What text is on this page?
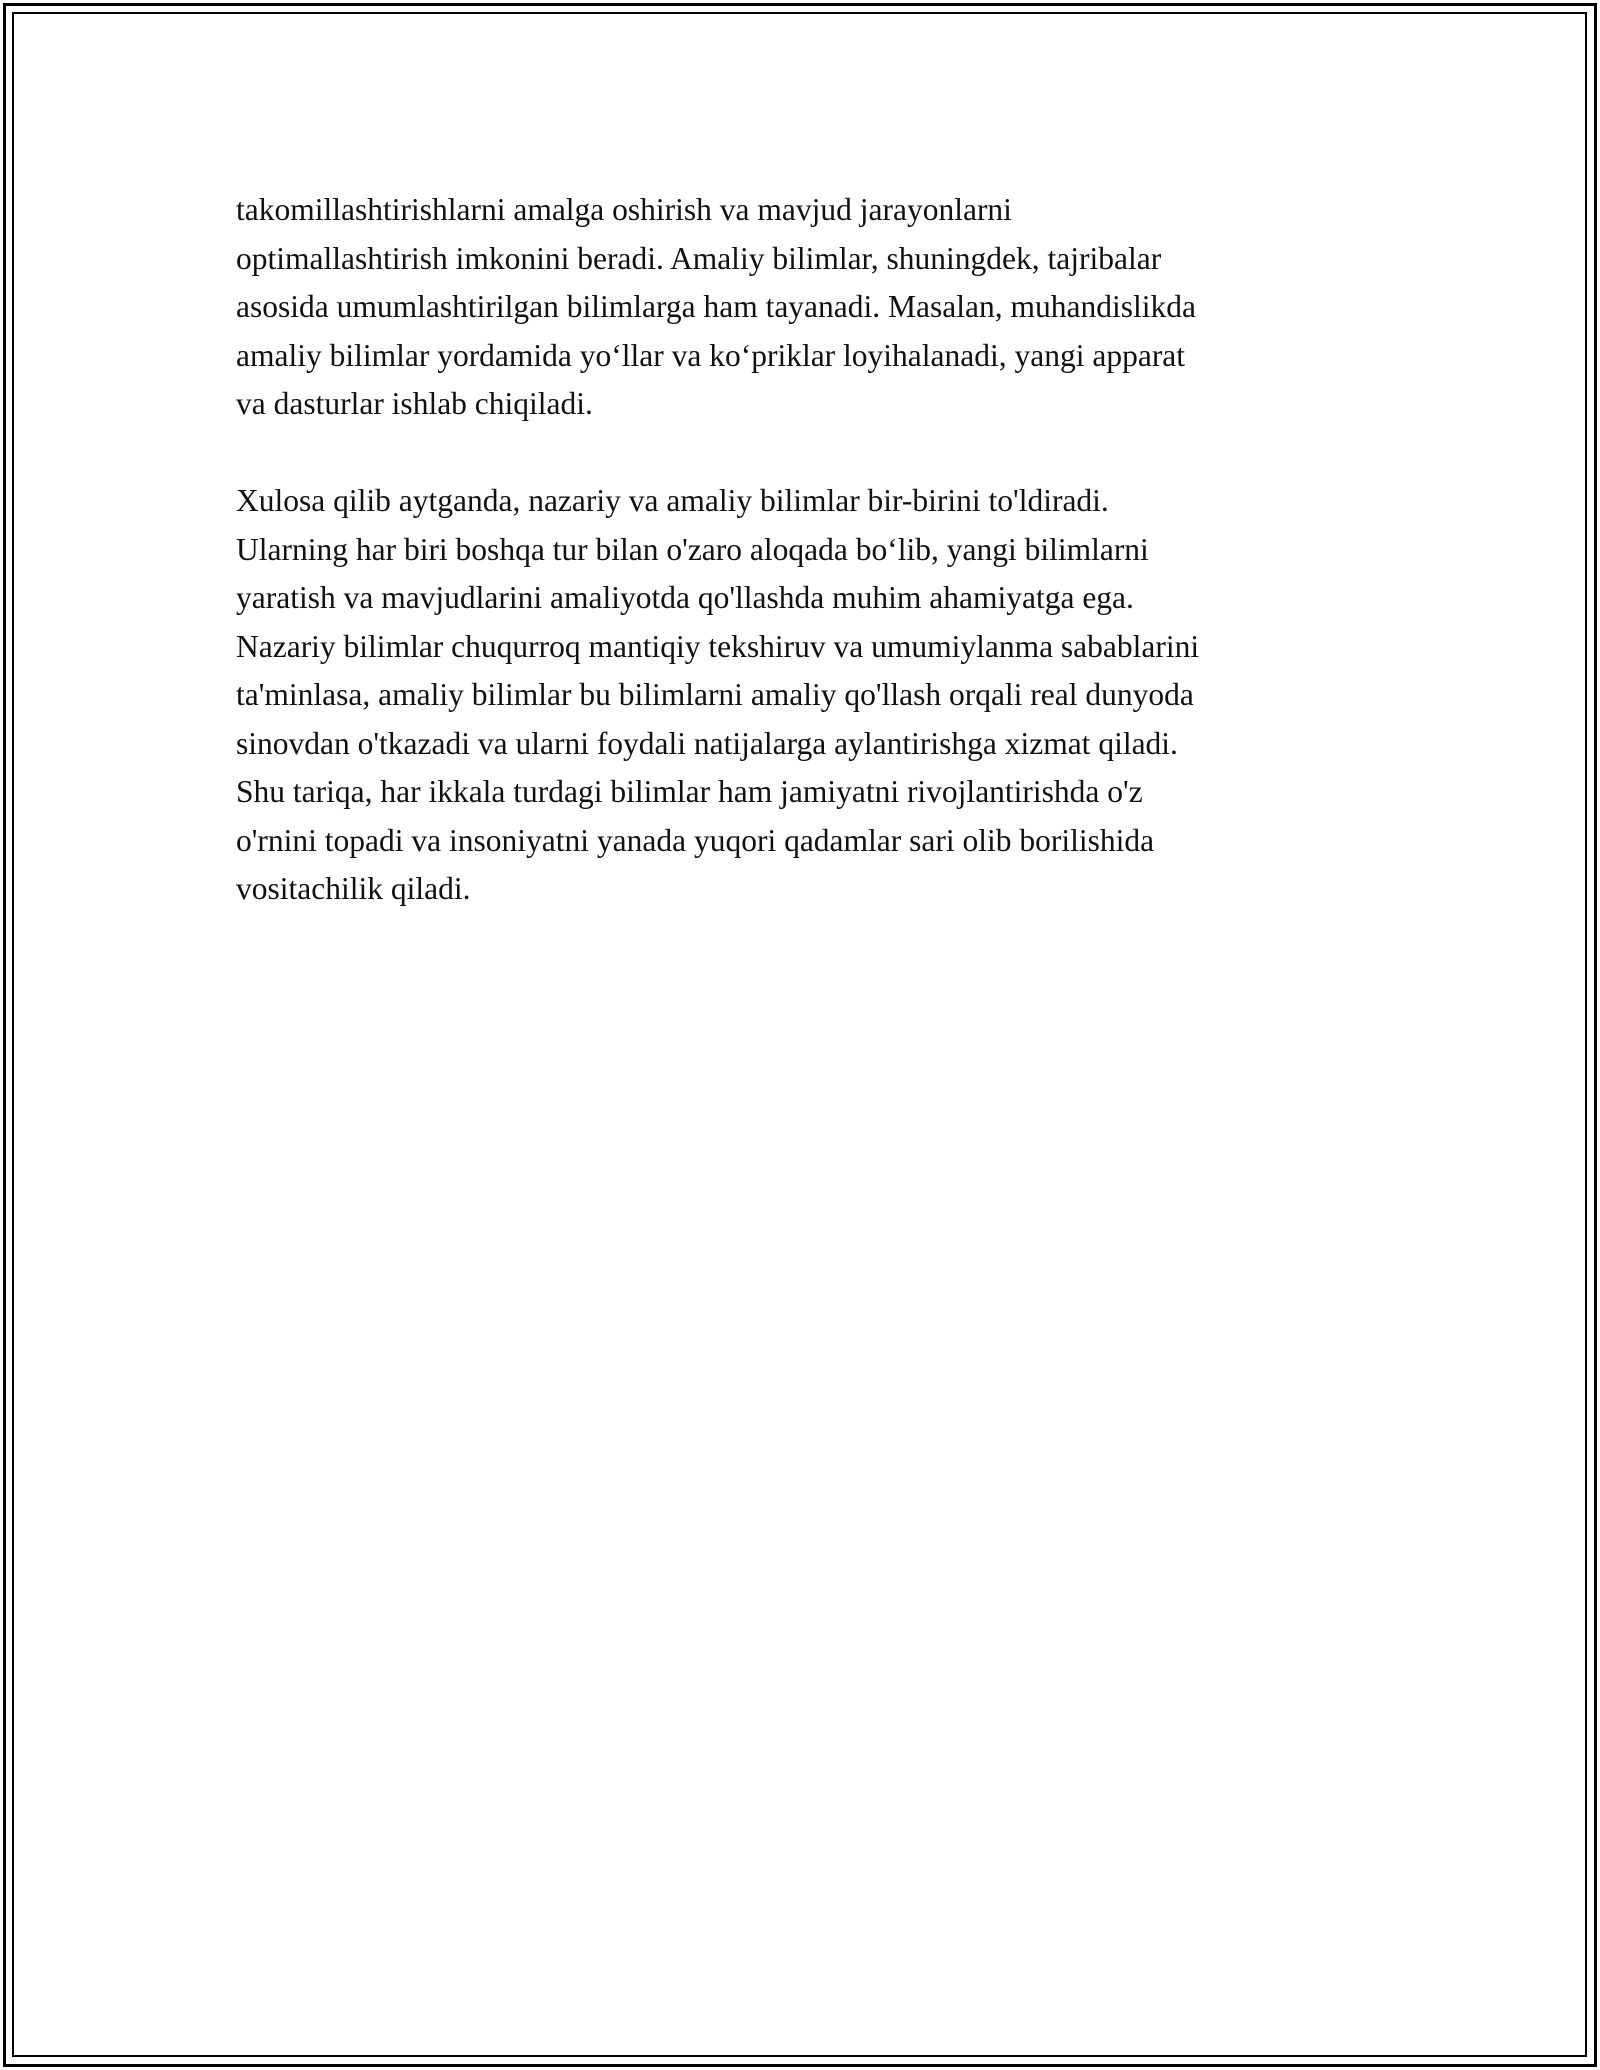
takomillashtirishlarni amalga oshirish va mavjud jarayonlarni
optimallashtirish imkonini beradi. Amaliy bilimlar, shuningdek, tajribalar
asosida umumlashtirilgan bilimlarga ham tayanadi. Masalan, muhandislikda
amaliy bilimlar yordamida yo‘llar va ko‘priklar loyihalanadi, yangi apparat
va dasturlar ishlab chiqiladi.

Xulosa qilib aytganda, nazariy va amaliy bilimlar bir-birini to'ldiradi.
Ularning har biri boshqa tur bilan o'zaro aloqada bo‘lib, yangi bilimlarni
yaratish va mavjudlarini amaliyotda qo'llashda muhim ahamiyatga ega.
Nazariy bilimlar chuqurroq mantiqiy tekshiruv va umumiylanma sabablarini
ta'minlasa, amaliy bilimlar bu bilimlarni amaliy qo'llash orqali real dunyoda
sinovdan o'tkazadi va ularni foydali natijalarga aylantirishga xizmat qiladi.
Shu tariqa, har ikkala turdagi bilimlar ham jamiyatni rivojlantirishda o'z
o'rnini topadi va insoniyatni yanada yuqori qadamlar sari olib borilishida
vositachilik qiladi.
